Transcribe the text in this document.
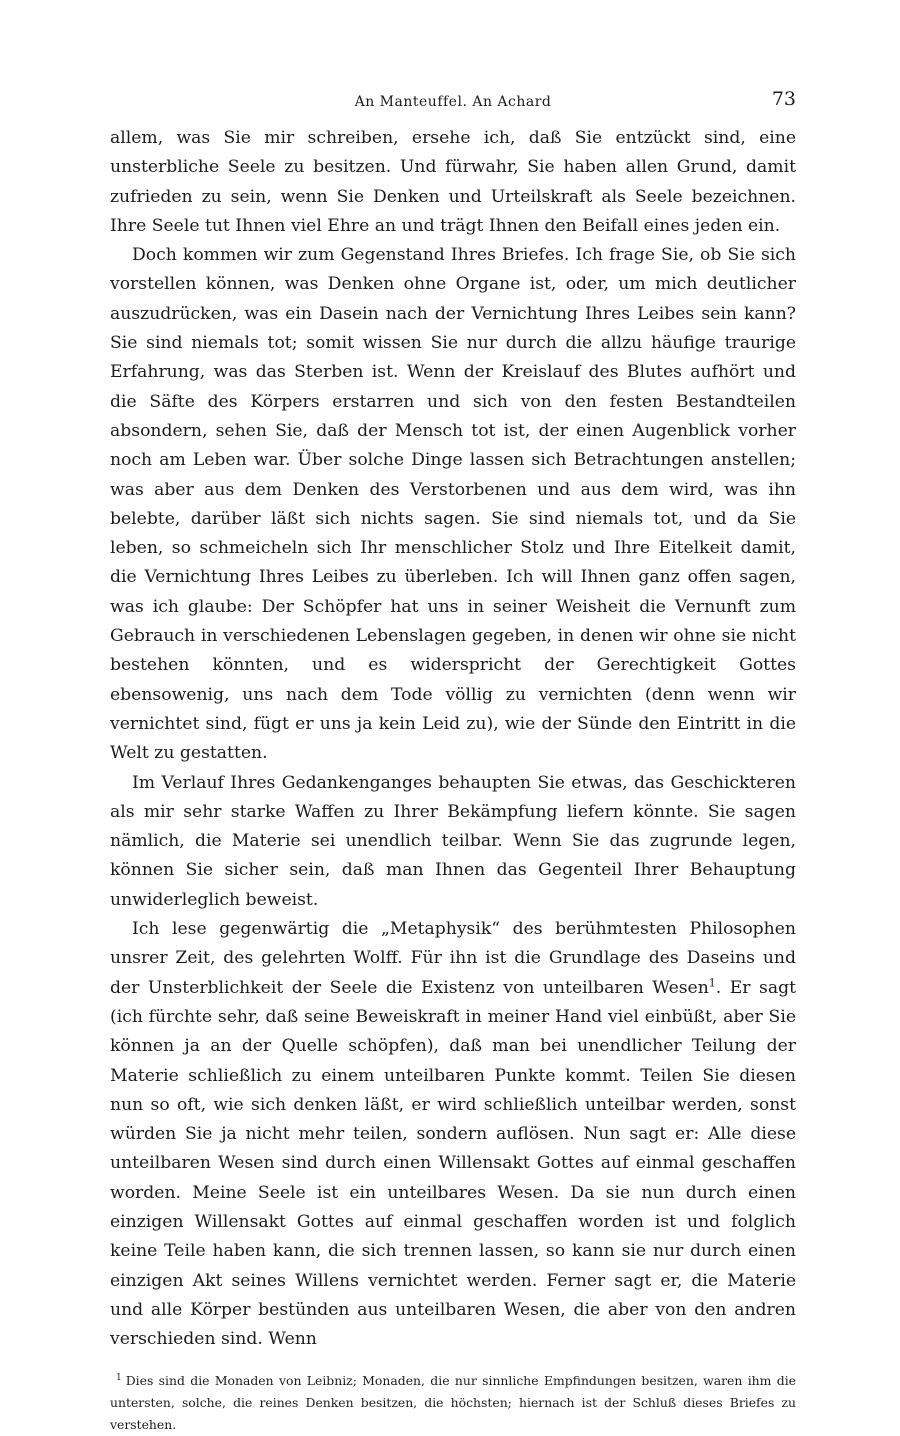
An Manteuffel. An Achard	73

allem, was Sie mir schreiben, ersehe ich, daß Sie entzückt sind, eine unsterbliche Seele zu besitzen. Und fürwahr, Sie haben allen Grund, damit zufrieden zu sein, wenn Sie Denken und Urteilskraft als Seele bezeichnen. Ihre Seele tut Ihnen viel Ehre an und trägt Ihnen den Beifall eines jeden ein.

Doch kommen wir zum Gegenstand Ihres Briefes. Ich frage Sie, ob Sie sich vorstellen können, was Denken ohne Organe ist, oder, um mich deutlicher auszudrücken, was ein Dasein nach der Vernichtung Ihres Leibes sein kann? Sie sind niemals tot; somit wissen Sie nur durch die allzu häufige traurige Erfahrung, was das Sterben ist. Wenn der Kreislauf des Blutes aufhört und die Säfte des Körpers erstarren und sich von den festen Bestandteilen absondern, sehen Sie, daß der Mensch tot ist, der einen Augenblick vorher noch am Leben war. Über solche Dinge lassen sich Betrachtungen anstellen; was aber aus dem Denken des Verstorbenen und aus dem wird, was ihn belebte, darüber läßt sich nichts sagen. Sie sind niemals tot, und da Sie leben, so schmeicheln sich Ihr menschlicher Stolz und Ihre Eitelkeit damit, die Vernichtung Ihres Leibes zu überleben. Ich will Ihnen ganz offen sagen, was ich glaube: Der Schöpfer hat uns in seiner Weisheit die Vernunft zum Gebrauch in verschiedenen Lebenslagen gegeben, in denen wir ohne sie nicht bestehen könnten, und es widerspricht der Gerechtigkeit Gottes ebensowenig, uns nach dem Tode völlig zu vernichten (denn wenn wir vernichtet sind, fügt er uns ja kein Leid zu), wie der Sünde den Eintritt in die Welt zu gestatten.

Im Verlauf Ihres Gedankenganges behaupten Sie etwas, das Geschickteren als mir sehr starke Waffen zu Ihrer Bekämpfung liefern könnte. Sie sagen nämlich, die Materie sei unendlich teilbar. Wenn Sie das zugrunde legen, können Sie sicher sein, daß man Ihnen das Gegenteil Ihrer Behauptung unwiderleglich beweist.

Ich lese gegenwärtig die „Metaphysik“ des berühmtesten Philosophen unsrer Zeit, des gelehrten Wolff. Für ihn ist die Grundlage des Daseins und der Unsterblichkeit der Seele die Existenz von unteilbaren Wesen$^1$. Er sagt (ich fürchte sehr, daß seine Beweiskraft in meiner Hand viel einbüßt, aber Sie können ja an der Quelle schöpfen), daß man bei unendlicher Teilung der Materie schließlich zu einem unteilbaren Punkte kommt. Teilen Sie diesen nun so oft, wie sich denken läßt, er wird schließlich unteilbar werden, sonst würden Sie ja nicht mehr teilen, sondern auflösen. Nun sagt er: Alle diese unteilbaren Wesen sind durch einen Willensakt Gottes auf einmal geschaffen worden. Meine Seele ist ein unteilbares Wesen. Da sie nun durch einen einzigen Willensakt Gottes auf einmal geschaffen worden ist und folglich keine Teile haben kann, die sich trennen lassen, so kann sie nur durch einen einzigen Akt seines Willens vernichtet werden. Ferner sagt er, die Materie und alle Körper bestünden aus unteilbaren Wesen, die aber von den andren verschieden sind. Wenn

$^1$ Dies sind die Monaden von Leibniz; Monaden, die nur sinnliche Empfindungen besitzen, waren ihm die untersten, solche, die reines Denken besitzen, die höchsten; hiernach ist der Schluß dieses Briefes zu verstehen.
